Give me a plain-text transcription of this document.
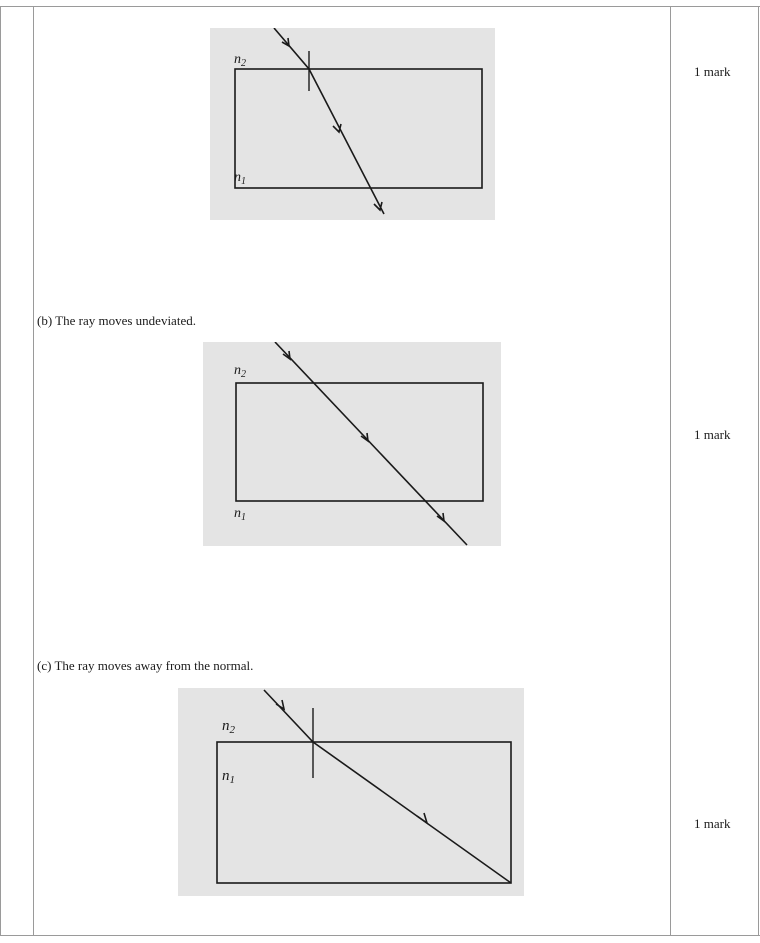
$n_2$
$n_1$
1 mark
(b) The ray moves undeviated.
$n_2$
$n_1$
1 mark
(c) The ray moves away from the normal.
$n_2$
$n_1$
1 mark
